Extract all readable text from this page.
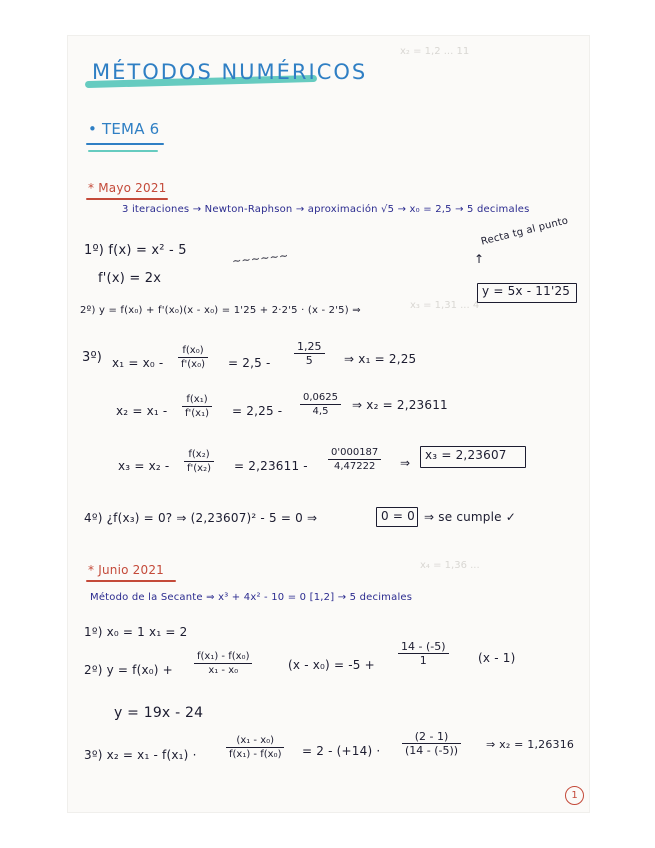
x₂ = 1,2 ... 11
x₃ = 1,31 ... 4
x₄ = 1,36 ...
MÉTODOS NUMÉRICOS
• TEMA 6
* Mayo 2021
3 iteraciones → Newton-Raphson → aproximación √5 → x₀ = 2,5 → 5 decimales
1º) f(x) = x² - 5
f'(x) = 2x
~~~~~~
Recta tg al punto
↑
2º) y = f(x₀) + f'(x₀)(x - x₀) = 1'25 + 2·2'5 · (x - 2'5) ⇒
y = 5x - 11'25
3º) x₁ = x₀ -
f(x₀)
f'(x₀) = 2,5 -
1,25
5	⇒ x₁ = 2,25
x₂ = x₁ -
f(x₁)
f'(x₁) = 2,25 -
0,0625
4,5 ⇒ x₂ = 2,23611
x₃ = x₂ -
f(x₂)
f'(x₂) = 2,23611 -
0'000187
4,47222 ⇒
x₃ = 2,23607
4º) ¿f(x₃) = 0? ⇒ (2,23607)² - 5 = 0 ⇒	0 = 0 ⇒ se cumple ✓
* Junio 2021
Método de la Secante ⇒ x³ + 4x² - 10 = 0 [1,2] → 5 decimales
1º) x₀ = 1 x₁ = 2
2º) y = f(x₀) +
f(x₁) - f(x₀)
x₁ - x₀	(x - x₀) = -5 +
14 - (-5)
1	(x - 1)
y = 19x - 24
3º) x₂ = x₁ - f(x₁) ·
(x₁ - x₀)
f(x₁) - f(x₀) = 2 - (+14) ·
(2 - 1)
(14 - (-5))	⇒ x₂ = 1,26316
1
